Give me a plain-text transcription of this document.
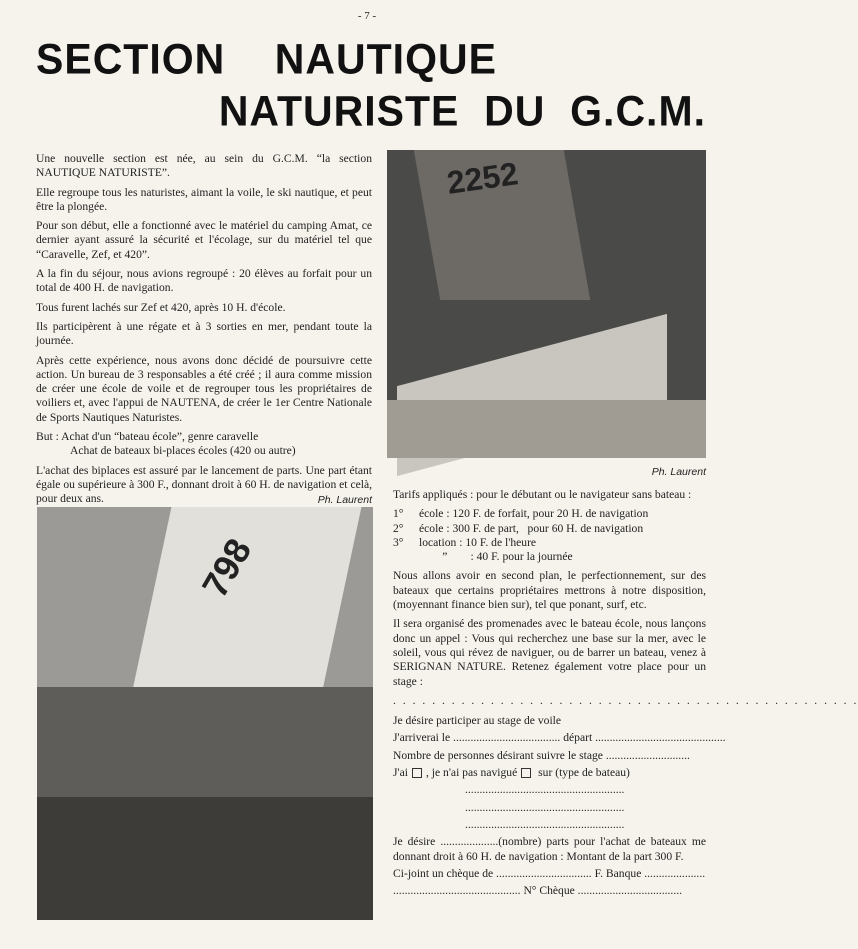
- 7 -
SECTION    NAUTIQUE
NATURISTE  DU  G.C.M.

Une nouvelle section est née, au sein du G.C.M. “la section NAUTIQUE NATURISTE”.

Elle regroupe tous les naturistes, aimant la voile, le ski nautique, et peut être la plongée.

Pour son début, elle a fonctionné avec le matériel du camping Amat, ce dernier ayant assuré la sécurité et l'écolage, sur du matériel tel que “Caravelle, Zef, et 420”.

A la fin du séjour, nous avions regroupé : 20 élèves au forfait pour un total de 400 H. de navigation.

Tous furent lachés sur Zef et 420, après 10 H. d'école.

Ils participèrent à une régate et à 3 sorties en mer, pendant toute la journée.

Après cette expérience, nous avons donc décidé de poursuivre cette action. Un bureau de 3 responsables a été créé ; il aura comme mission de créer une école de voile et de regrouper tous les propriétaires de voiliers et, avec l'appui de NAUTENA, de créer le 1er Centre Nationale de Sports Nautiques Naturistes.

But : Achat d'un “bateau école”, genre caravelle

Achat de bateaux bi-places écoles (420 ou autre)

L'achat des biplaces est assuré par le lancement de parts. Une part étant égale ou supérieure à 300 F., donnant droit à 60 H. de navigation et celà, pour deux ans.	Ph. Laurent
2252
Ph. Laurent
798

Tarifs appliqués : pour le débutant ou le navigateur sans bateau :

1°	école : 120 F. de forfait, pour 20 H. de navigation
2°	école : 300 F. de part,   pour 60 H. de navigation
3°	location : 10 F. de l'heure
”        : 40 F. pour la journée

Nous allons avoir en second plan, le perfectionnement, sur des bateaux que certains propriétaires mettrons à notre disposition, (moyennant finance bien sur), tel que ponant, surf, etc.

Il sera organisé des promenades avec le bateau école, nous lançons donc un appel : Vous qui recherchez une base sur la mer, avec le soleil, vous qui révez de naviguer, ou de barrer un bateau, venez à SERIGNAN NATURE. Retenez également votre place pour un stage :

. . . . . . . . . . . . . . . . . . . . . . . . . . . . . . . . . . . . . . . . . . . . . . . .

Je désire participer au stage de voile

J'arriverai le ..................................... départ .............................................

Nombre de personnes désirant suivre le stage .............................

J'ai , je n'ai pas navigué sur (type de bateau)

.......................................................

.......................................................

.......................................................

Je désire ....................(nombre) parts pour l'achat de bateaux me donnant droit à 60 H. de navigation : Montant de la part 300 F.

Ci-joint un chèque de ................................. F. Banque .....................

............................................ N° Chèque ....................................
